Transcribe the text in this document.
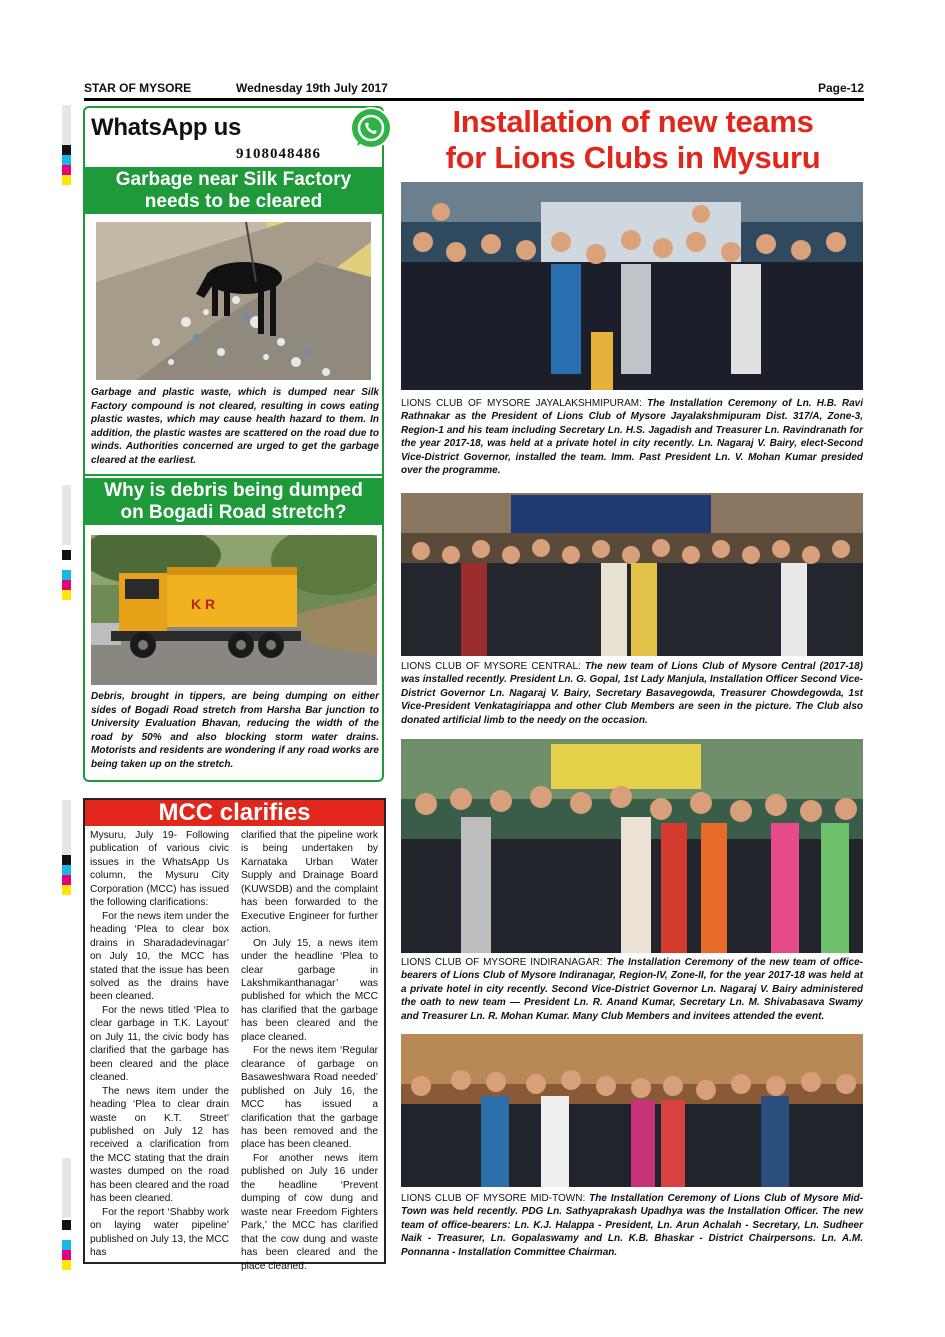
STAR OF MYSORE	Wednesday 19th July 2017	Page-12
WhatsApp us
9108048486
Garbage near Silk Factory
needs to be cleared
Garbage and plastic waste, which is dumped near Silk Factory compound is not cleared, resulting in cows eating plastic wastes, which may cause health hazard to them. In addition, the plastic wastes are scattered on the road due to winds. Authorities concerned are urged to get the garbage cleared at the earliest.
Why is debris being dumped
on Bogadi Road stretch?
K R
Debris, brought in tippers, are being dumping on either sides of Bogadi Road stretch from Harsha Bar junction to University Evaluation Bhavan, reducing the width of the road by 50% and also blocking storm water drains. Motorists and residents are wondering if any road works are being taken up on the stretch.
Installation of new teams
for Lions Clubs in Mysuru
LIONS CLUB OF MYSORE JAYALAKSHMIPURAM: The Installation Ceremony of Ln. H.B. Ravi Rathnakar as the President of Lions Club of Mysore Jayalakshmipuram Dist. 317/A, Zone-3, Region-1 and his team including Secretary Ln. H.S. Jagadish and Treasurer Ln. Ravindranath for the year 2017-18, was held at a private hotel in city recently. Ln. Nagaraj V. Bairy, elect-Second Vice-District Governor, installed the team. Imm. Past President Ln. V. Mohan Kumar presided over the programme.
LIONS CLUB OF MYSORE CENTRAL: The new team of Lions Club of Mysore Central (2017-18) was installed recently. President Ln. G. Gopal, 1st Lady Manjula, Installation Officer Second Vice-District Governor Ln. Nagaraj V. Bairy, Secretary Basavegowda, Treasurer Chowdegowda, 1st Vice-President Venkatagiriappa and other Club Members are seen in the picture. The Club also donated artificial limb to the needy on the occasion.
LIONS CLUB OF MYSORE INDIRANAGAR: The Installation Ceremony of the new team of office-bearers of Lions Club of Mysore Indiranagar, Region-IV, Zone-II, for the year 2017-18 was held at a private hotel in city recently. Second Vice-District Governor Ln. Nagaraj V. Bairy administered the oath to new team — President Ln. R. Anand Kumar, Secretary Ln. M. Shivabasava Swamy and Treasurer Ln. R. Mohan Kumar. Many Club Members and invitees attended the event.
LIONS CLUB OF MYSORE MID-TOWN: The Installation Ceremony of Lions Club of Mysore Mid-Town was held recently. PDG Ln. Sathyaprakash Upadhya was the Installation Officer. The new team of office-bearers: Ln. K.J. Halappa - President, Ln. Arun Achalah - Secretary, Ln. Sudheer Naik - Treasurer, Ln. Gopalaswamy and Ln. K.B. Bhaskar - District Chairpersons. Ln. A.M. Ponnanna - Installation Committee Chairman.
MCC clarifies

Mysuru, July 19- Following publication of various civic issues in the WhatsApp Us column, the Mysuru City Corporation (MCC) has issued the following clarifications:

For the news item under the heading ‘Plea to clear box drains in Sharadadevinagar’ on July 10, the MCC has stated that the issue has been solved as the drains have been cleaned.

For the news titled ‘Plea to clear garbage in T.K. Layout’ on July 11, the civic body has clarified that the garbage has been cleared and the place cleaned.

The news item under the heading ‘Plea to clear drain waste on K.T. Street’ published on July 12 has received a clarification from the MCC stating that the drain wastes dumped on the road has been cleared and the road has been cleaned.

For the report ‘Shabby work on laying water pipeline’ published on July 13, the MCC has

clarified that the pipeline work is being undertaken by Karnataka Urban Water Supply and Drainage Board (KUWSDB) and the complaint has been forwarded to the Executive Engineer for further action.

On July 15, a news item under the headline ‘Plea to clear garbage in Lakshmikanthanagar’ was published for which the MCC has clarified that the garbage has been cleared and the place cleaned.

For the news item ‘Regular clearance of garbage on Basaweshwara Road needed’ published on July 16, the MCC has issued a clarification that the garbage has been removed and the place has been cleaned.

For another news item published on July 16 under the headline ‘Prevent dumping of cow dung and waste near Freedom Fighters Park,’ the MCC has clarified that the cow dung and waste has been cleared and the place cleaned.
